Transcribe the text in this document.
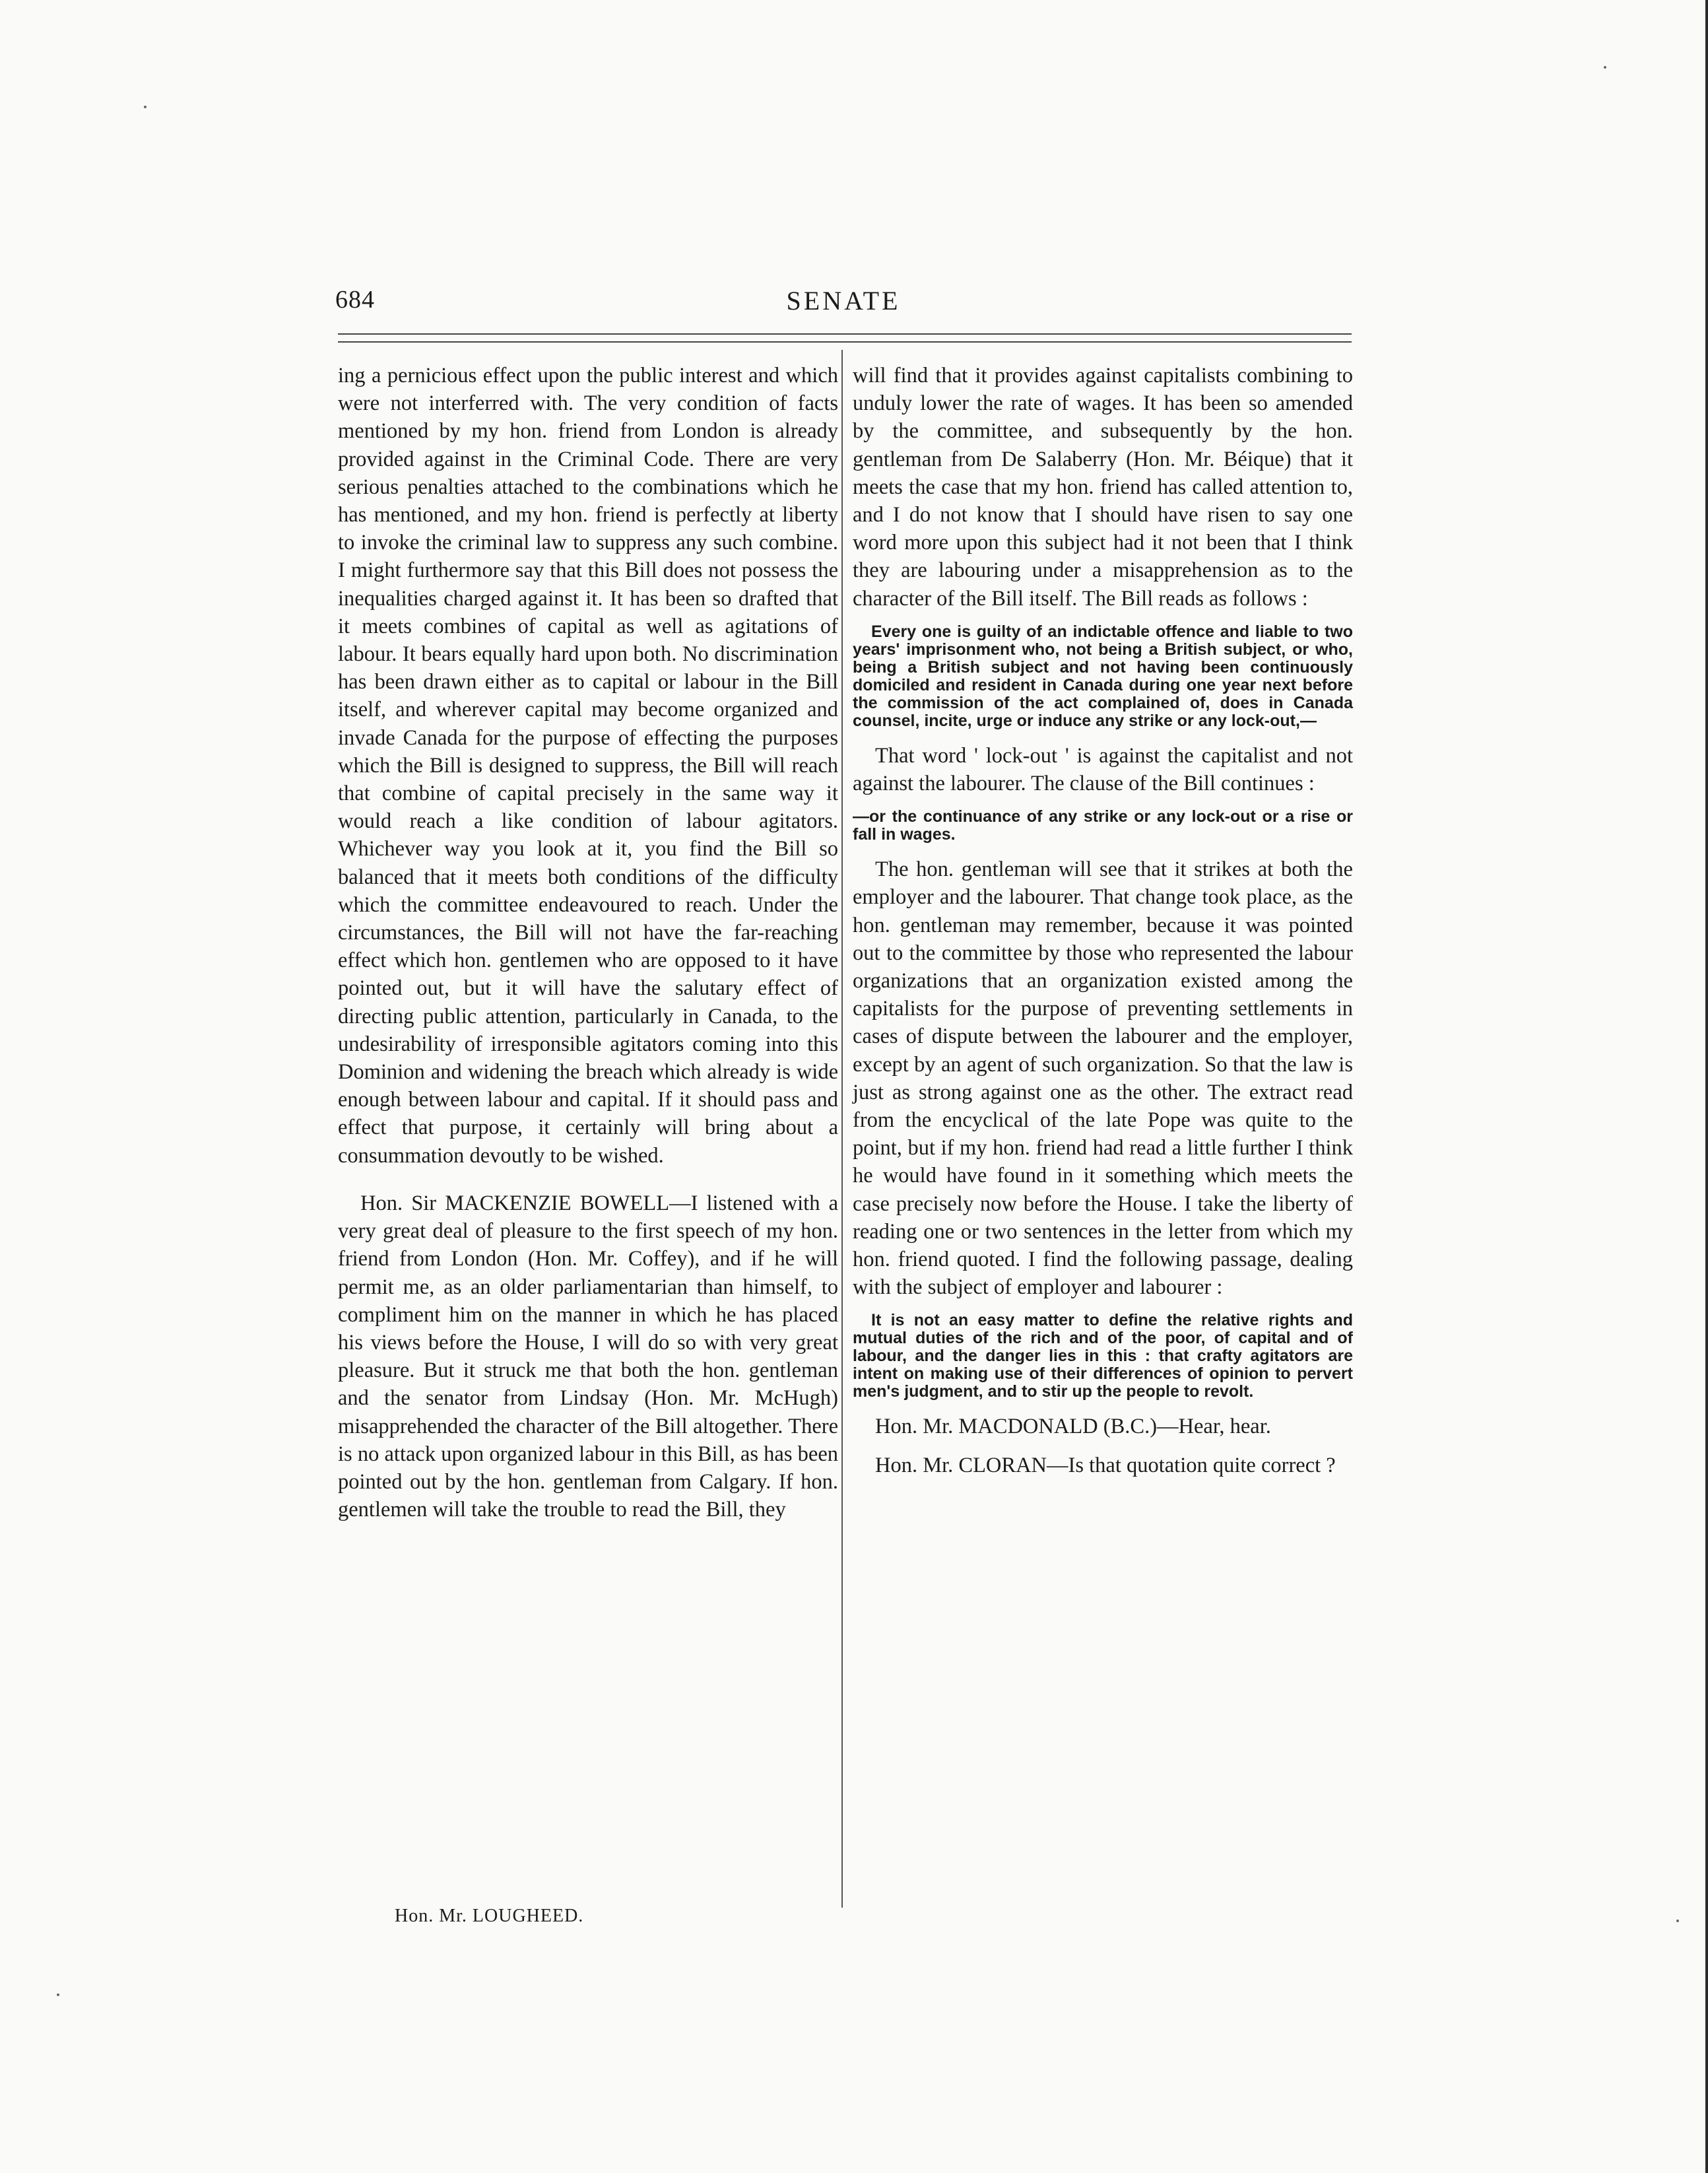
684	SENATE

ing a pernicious effect upon the public interest and which were not interferred with. The very condition of facts mentioned by my hon. friend from London is already provided against in the Criminal Code. There are very serious penalties attached to the combinations which he has mentioned, and my hon. friend is perfectly at liberty to invoke the criminal law to suppress any such combine. I might furthermore say that this Bill does not possess the inequalities charged against it. It has been so drafted that it meets combines of capital as well as agitations of labour. It bears equally hard upon both. No discrimination has been drawn either as to capital or labour in the Bill itself, and wherever capital may become organized and invade Canada for the purpose of effecting the purposes which the Bill is designed to suppress, the Bill will reach that combine of capital precisely in the same way it would reach a like condition of labour agitators. Whichever way you look at it, you find the Bill so balanced that it meets both conditions of the difficulty which the committee endeavoured to reach. Under the circumstances, the Bill will not have the far-reaching effect which hon. gentlemen who are opposed to it have pointed out, but it will have the salutary effect of directing public attention, particularly in Canada, to the undesirability of irresponsible agitators coming into this Dominion and widening the breach which already is wide enough between labour and capital. If it should pass and effect that purpose, it certainly will bring about a consummation devoutly to be wished.

Hon. Sir MACKENZIE BOWELL—I listened with a very great deal of pleasure to the first speech of my hon. friend from London (Hon. Mr. Coffey), and if he will permit me, as an older parliamentarian than himself, to compliment him on the manner in which he has placed his views before the House, I will do so with very great pleasure. But it struck me that both the hon. gentleman and the senator from Lindsay (Hon. Mr. McHugh) misapprehended the character of the Bill altogether. There is no attack upon organized labour in this Bill, as has been pointed out by the hon. gentleman from Calgary. If hon. gentlemen will take the trouble to read the Bill, they

will find that it provides against capitalists combining to unduly lower the rate of wages. It has been so amended by the committee, and subsequently by the hon. gentleman from De Salaberry (Hon. Mr. Béique) that it meets the case that my hon. friend has called attention to, and I do not know that I should have risen to say one word more upon this subject had it not been that I think they are labouring under a misapprehension as to the character of the Bill itself. The Bill reads as follows :

Every one is guilty of an indictable offence and liable to two years' imprisonment who, not being a British subject, or who, being a British subject and not having been continuously domiciled and resident in Canada during one year next before the commission of the act complained of, does in Canada counsel, incite, urge or induce any strike or any lock-out,—

That word ' lock-out ' is against the capitalist and not against the labourer. The clause of the Bill continues :

—or the continuance of any strike or any lock-out or a rise or fall in wages.

The hon. gentleman will see that it strikes at both the employer and the labourer. That change took place, as the hon. gentleman may remember, because it was pointed out to the committee by those who represented the labour organizations that an organization existed among the capitalists for the purpose of preventing settlements in cases of dispute between the labourer and the employer, except by an agent of such organization. So that the law is just as strong against one as the other. The extract read from the encyclical of the late Pope was quite to the point, but if my hon. friend had read a little further I think he would have found in it something which meets the case precisely now before the House. I take the liberty of reading one or two sentences in the letter from which my hon. friend quoted. I find the following passage, dealing with the subject of employer and labourer :

It is not an easy matter to define the relative rights and mutual duties of the rich and of the poor, of capital and of labour, and the danger lies in this : that crafty agitators are intent on making use of their differences of opinion to pervert men's judgment, and to stir up the people to revolt.

Hon. Mr. MACDONALD (B.C.)—Hear, hear.

Hon. Mr. CLORAN—Is that quotation quite correct ?

Hon. Mr. LOUGHEED.
